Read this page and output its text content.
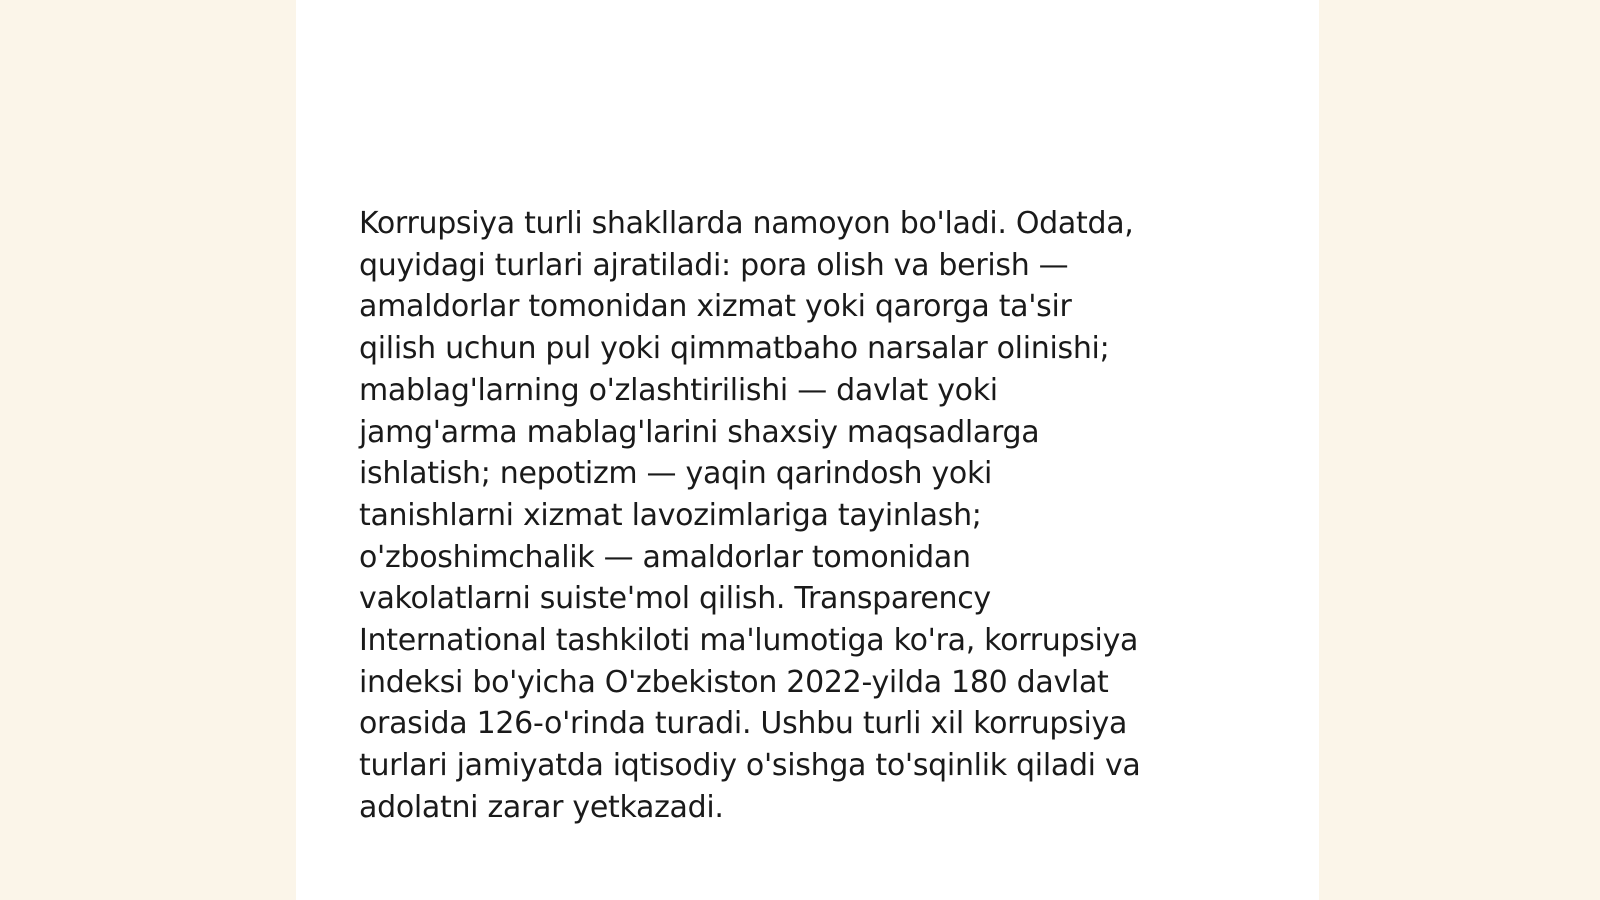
Korrupsiya turli shakllarda namoyon bo'ladi. Odatda,
quyidagi turlari ajratiladi: pora olish va berish —
amaldorlar tomonidan xizmat yoki qarorga ta'sir
qilish uchun pul yoki qimmatbaho narsalar olinishi;
mablag'larning o'zlashtirilishi — davlat yoki
jamg'arma mablag'larini shaxsiy maqsadlarga
ishlatish; nepotizm — yaqin qarindosh yoki
tanishlarni xizmat lavozimlariga tayinlash;
o'zboshimchalik — amaldorlar tomonidan
vakolatlarni suiste'mol qilish. Transparency
International tashkiloti ma'lumotiga ko'ra, korrupsiya
indeksi bo'yicha O'zbekiston 2022-yilda 180 davlat
orasida 126-o'rinda turadi. Ushbu turli xil korrupsiya
turlari jamiyatda iqtisodiy o'sishga to'sqinlik qiladi va
adolatni zarar yetkazadi.
